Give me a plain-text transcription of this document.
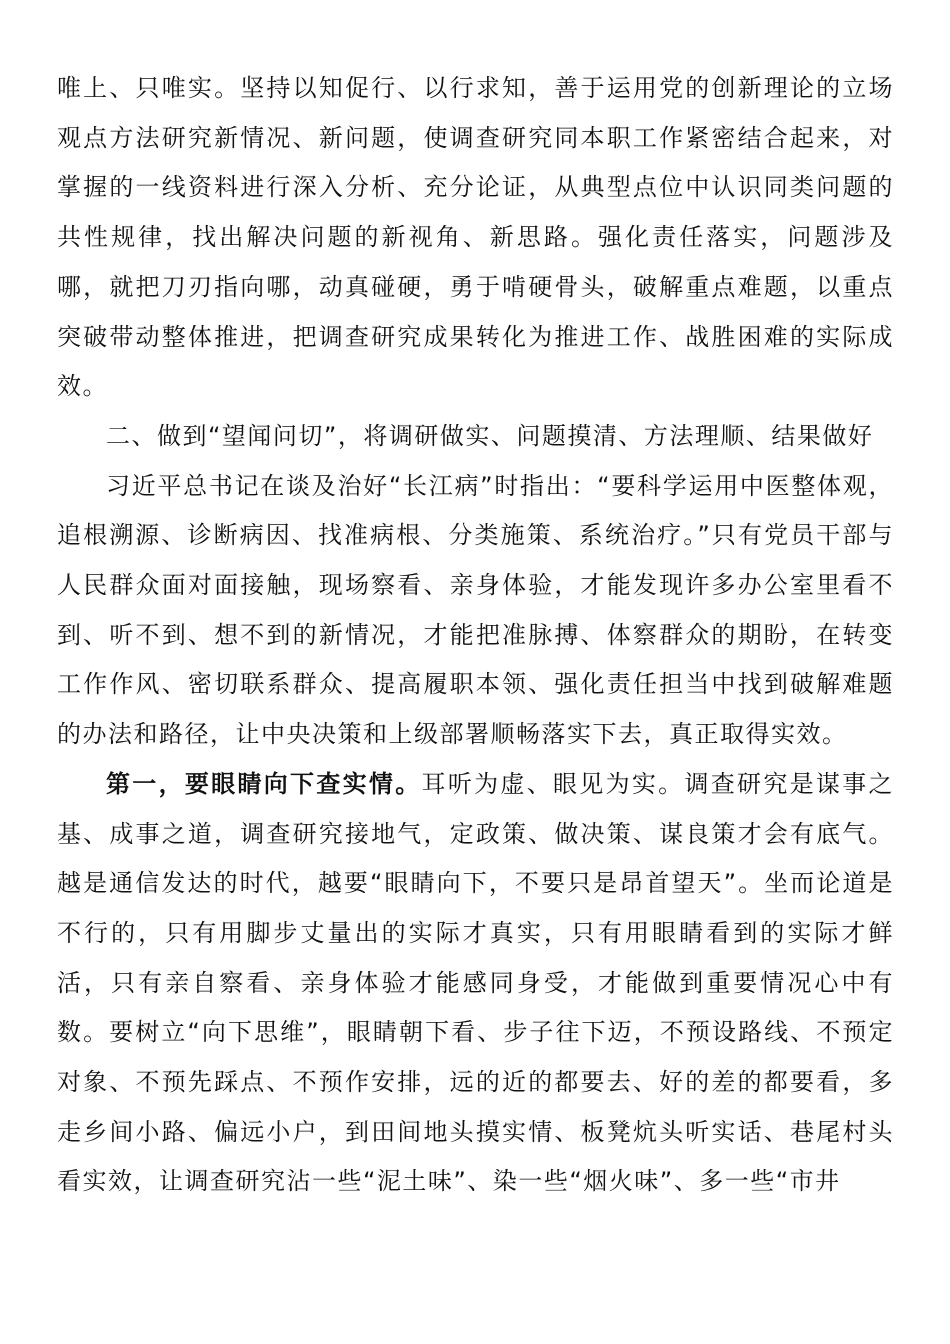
唯上、只唯实。坚持以知促行、以行求知，善于运用党的创新理论的立场观点方法研究新情况、新问题，使调查研究同本职工作紧密结合起来，对掌握的一线资料进行深入分析、充分论证，从典型点位中认识同类问题的共性规律，找出解决问题的新视角、新思路。强化责任落实，问题涉及哪，就把刀刃指向哪，动真碰硬，勇于啃硬骨头，破解重点难题，以重点突破带动整体推进，把调查研究成果转化为推进工作、战胜困难的实际成效。

二、做到“望闻问切”，将调研做实、问题摸清、方法理顺、结果做好

习近平总书记在谈及治好“长江病”时指出：“要科学运用中医整体观，追根溯源、诊断病因、找准病根、分类施策、系统治疗。”只有党员干部与人民群众面对面接触，现场察看、亲身体验，才能发现许多办公室里看不到、听不到、想不到的新情况，才能把准脉搏、体察群众的期盼，在转变工作作风、密切联系群众、提高履职本领、强化责任担当中找到破解难题的办法和路径，让中央决策和上级部署顺畅落实下去，真正取得实效。

第一，要眼睛向下查实情。耳听为虚、眼见为实。调查研究是谋事之基、成事之道，调查研究接地气，定政策、做决策、谋良策才会有底气。越是通信发达的时代，越要“眼睛向下，不要只是昂首望天”。坐而论道是不行的，只有用脚步丈量出的实际才真实，只有用眼睛看到的实际才鲜活，只有亲自察看、亲身体验才能感同身受，才能做到重要情况心中有数。要树立“向下思维”，眼睛朝下看、步子往下迈，不预设路线、不预定对象、不预先踩点、不预作安排，远的近的都要去、好的差的都要看，多走乡间小路、偏远小户，到田间地头摸实情、板凳炕头听实话、巷尾村头看实效，让调查研究沾一些“泥土味”、染一些“烟火味”、多一些“市井
